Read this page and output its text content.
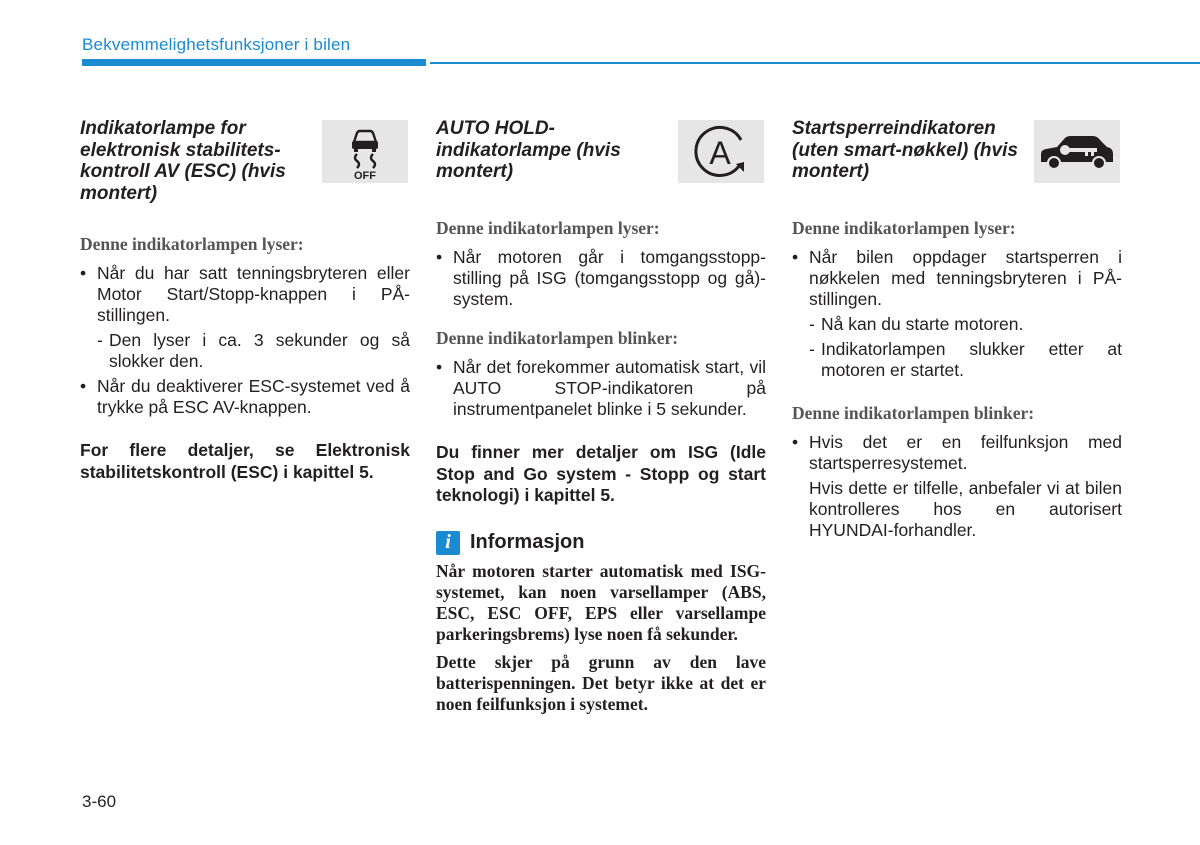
Bekvemmelighetsfunksjoner i bilen
Indikatorlampe for elektronisk stabilitets-kontroll AV (ESC) (hvis montert)
OFF
Denne indikatorlampen lyser:
• Når du har satt tenningsbryteren eller Motor Start/Stopp-knappen i PÅ-stillingen.
- Den lyser i ca. 3 sekunder og så slokker den.
• Når du deaktiverer ESC-systemet ved å trykke på ESC AV-knappen.
For flere detaljer, se Elektronisk stabilitetskontroll (ESC) i kapittel 5.
AUTO HOLD-indikatorlampe (hvis montert)
A
Denne indikatorlampen lyser:
• Når motoren går i tomgangsstopp-stilling på ISG (tomgangsstopp og gå)-system.
Denne indikatorlampen blinker:
• Når det forekommer automatisk start, vil AUTO STOP-indikatoren på instrumentpanelet blinke i 5 sekunder.
Du finner mer detaljer om ISG (Idle Stop and Go system - Stopp og start teknologi) i kapittel 5.
i Informasjon

Når motoren starter automatisk med ISG-systemet, kan noen varsellamper (ABS, ESC, ESC OFF, EPS eller varsellampe parkeringsbrems) lyse noen få sekunder.

Dette skjer på grunn av den lave batterispenningen. Det betyr ikke at det er noen feilfunksjon i systemet.

Startsperreindikatoren (uten smart-nøkkel) (hvis montert)
Denne indikatorlampen lyser:
• Når bilen oppdager startsperren i nøkkelen med tenningsbryteren i PÅ-stillingen.
- Nå kan du starte motoren.
- Indikatorlampen slukker etter at motoren er startet.
Denne indikatorlampen blinker:
• Hvis det er en feilfunksjon med startsperresystemet.
Hvis dette er tilfelle, anbefaler vi at bilen kontrolleres hos en autorisert HYUNDAI-forhandler.
3-60
